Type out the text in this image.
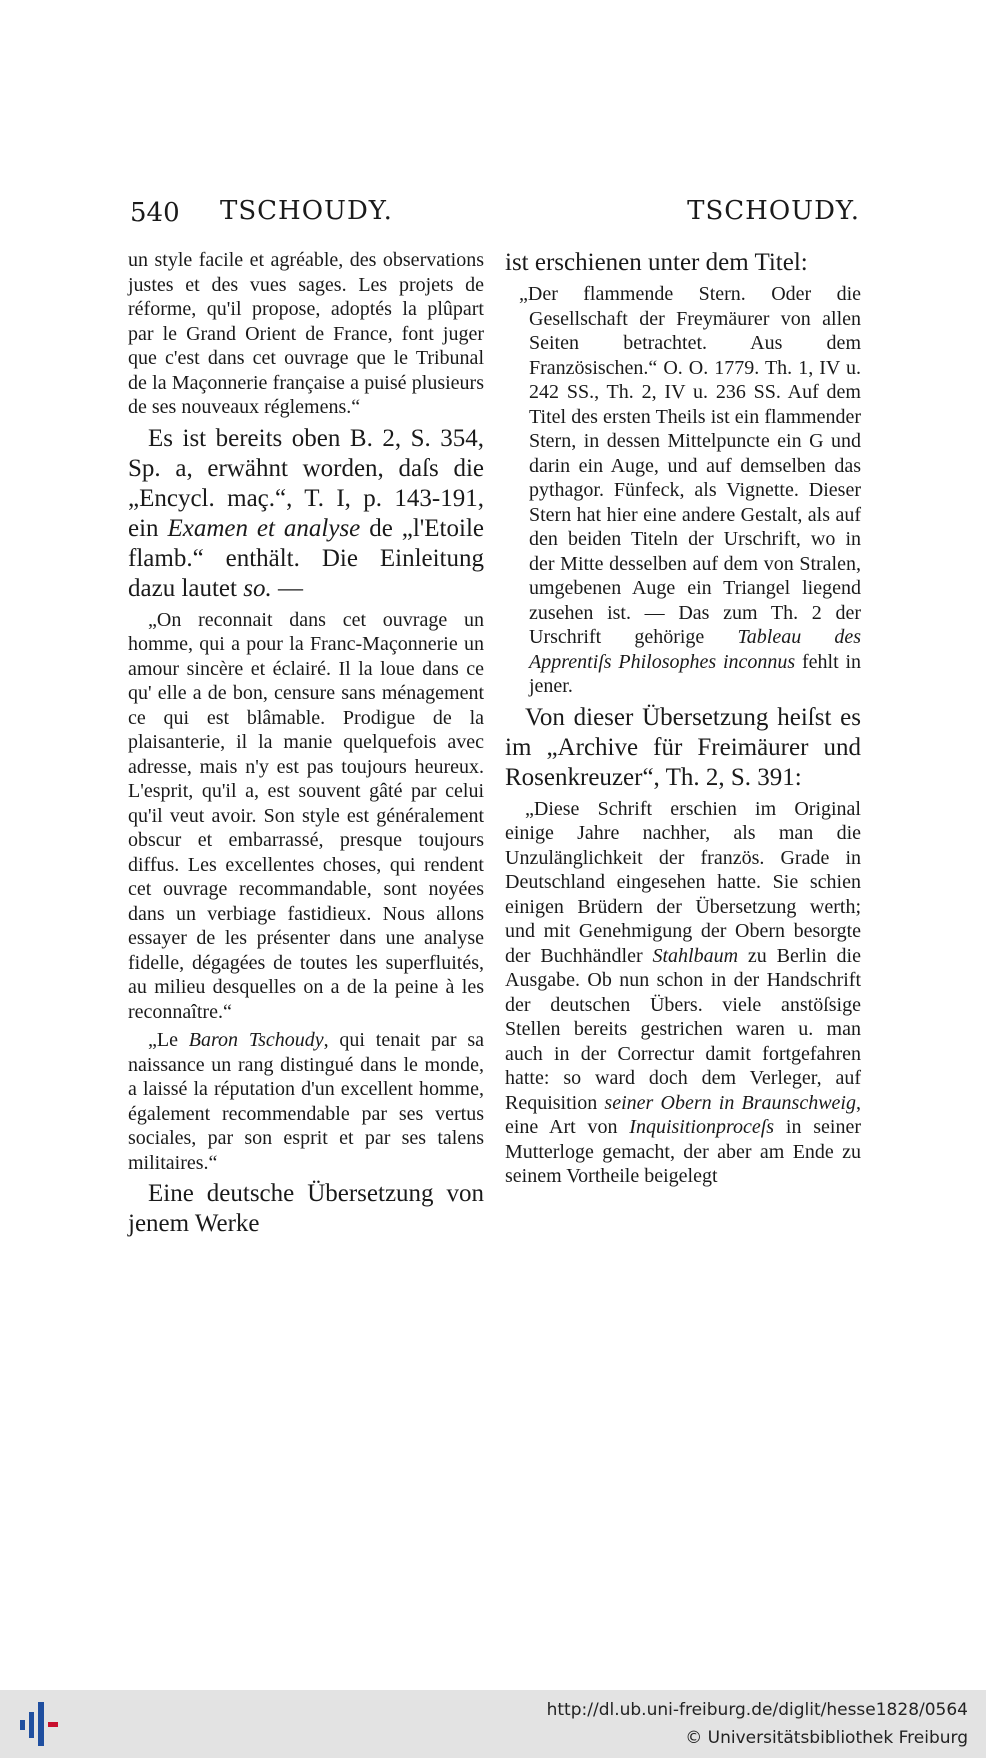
540 TSCHOUDY.	TSCHOUDY.

un style facile et agréable, des observations justes et des vues sages. Les projets de réforme, qu'il propose, adoptés la plûpart par le Grand Orient de France, font juger que c'est dans cet ouvrage que le Tribunal de la Maçonnerie française a puisé plusieurs de ses nouveaux réglemens.“

Es ist bereits oben B. 2, S. 354, Sp. a, erwähnt worden, daſs die „Encycl. maç.“, T. I, p. 143-191, ein Examen et analyse de „l'Etoile flamb.“ enthält. Die Einleitung dazu lautet so. —

„On reconnait dans cet ouvrage un homme, qui a pour la Franc-Maçonnerie un amour sincère et éclairé. Il la loue dans ce qu' elle a de bon, censure sans ménagement ce qui est blâmable. Prodigue de la plaisanterie, il la manie quelquefois avec adresse, mais n'y est pas toujours heureux. L'esprit, qu'il a, est souvent gâté par celui qu'il veut avoir. Son style est généralement obscur et embarrassé, presque toujours diffus. Les excellentes choses, qui rendent cet ouvrage recommandable, sont noyées dans un verbiage fastidieux. Nous allons essayer de les présenter dans une analyse fidelle, dégagées de toutes les superfluités, au milieu desquelles on a de la peine à les reconnaître.“

„Le Baron Tschoudy, qui tenait par sa naissance un rang distingué dans le monde, a laissé la réputation d'un excellent homme, également recommendable par ses vertus sociales, par son esprit et par ses talens militaires.“

Eine deutsche Übersetzung von jenem Werke

ist erschienen unter dem Titel:

„Der flammende Stern. Oder die Gesellschaft der Freymäurer von allen Seiten betrachtet. Aus dem Französischen.“ O. O. 1779. Th. 1, IV u. 242 SS., Th. 2, IV u. 236 SS. Auf dem Titel des ersten Theils ist ein flammender Stern, in dessen Mittelpuncte ein G und darin ein Auge, und auf demselben das pythagor. Fünfeck, als Vignette. Dieser Stern hat hier eine andere Gestalt, als auf den beiden Titeln der Urschrift, wo in der Mitte desselben auf dem von Stralen, umgebenen Auge ein Triangel liegend zusehen ist. — Das zum Th. 2 der Urschrift gehörige Tableau des Apprentiſs Philosophes inconnus fehlt in jener.

Von dieser Übersetzung heiſst es im „Archive für Freimäurer und Rosenkreuzer“, Th. 2, S. 391:

„Diese Schrift erschien im Original einige Jahre nachher, als man die Unzulänglichkeit der französ. Grade in Deutschland eingesehen hatte. Sie schien einigen Brüdern der Übersetzung werth; und mit Genehmigung der Obern besorgte der Buchhändler Stahlbaum zu Berlin die Ausgabe. Ob nun schon in der Handschrift der deutschen Übers. viele anstöſsige Stellen bereits gestrichen waren u. man auch in der Correctur damit fortgefahren hatte: so ward doch dem Verleger, auf Requisition seiner Obern in Braunschweig, eine Art von Inquisitionproceſs in seiner Mutterloge gemacht, der aber am Ende zu seinem Vortheile beigelegt

http://dl.ub.uni-freiburg.de/diglit/hesse1828/0564
© Universitätsbibliothek Freiburg
